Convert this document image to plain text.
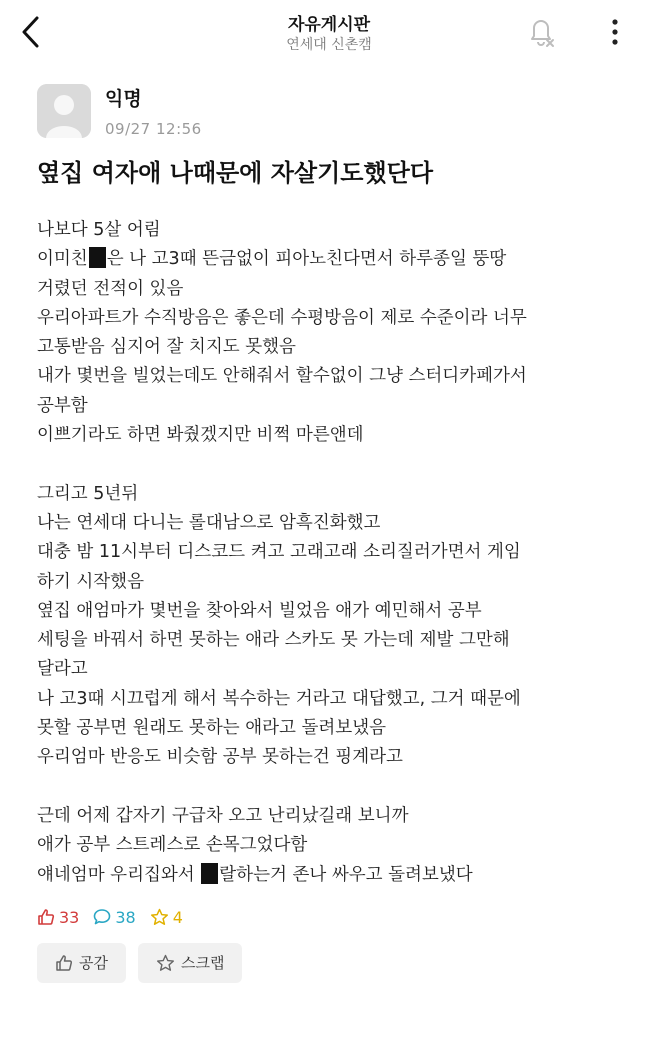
자유게시판
연세대 신촌캠
익명
09/27 12:56
옆집 여자애 나때문에 자살기도했단다
나보다 5살 어림
이미친 은 나 고3때 뜬금없이 피아노친다면서 하루종일 뚱땅
거렸던 전적이 있음
우리아파트가 수직방음은 좋은데 수평방음이 제로 수준이라 너무
고통받음 심지어 잘 치지도 못했음
내가 몇번을 빌었는데도 안해줘서 할수없이 그냥 스터디카페가서
공부함
이쁘기라도 하면 봐줬겠지만 비쩍 마른앤데

그리고 5년뒤
나는 연세대 다니는 롤대남으로 암흑진화했고
대충 밤 11시부터 디스코드 켜고 고래고래 소리질러가면서 게임
하기 시작했음
옆집 애엄마가 몇번을 찾아와서 빌었음 애가 예민해서 공부
세팅을 바꿔서 하면 못하는 애라 스카도 못 가는데 제발 그만해
달라고
나 고3때 시끄럽게 해서 복수하는 거라고 대답했고, 그거 때문에
못할 공부면 원래도 못하는 애라고 돌려보냈음
우리엄마 반응도 비슷함 공부 못하는건 핑계라고

근데 어제 갑자기 구급차 오고 난리났길래 보니까
애가 공부 스트레스로 손목그었다함
얘네엄마 우리집와서 랄하는거 존나 싸우고 돌려보냈다
33 38 4
공감	스크랩
